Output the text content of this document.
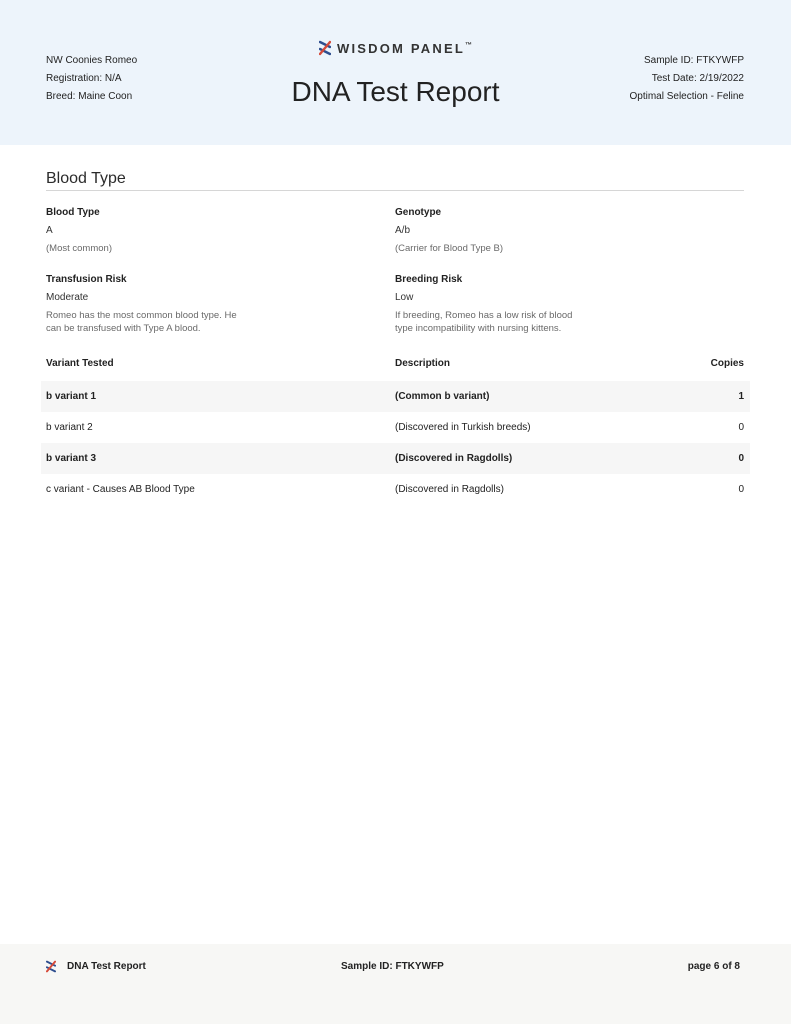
NW Coonies Romeo
Registration: N/A
Breed: Maine Coon
WISDOM PANEL™
DNA Test Report
Sample ID: FTKYWFP
Test Date: 2/19/2022
Optimal Selection - Feline
Blood Type
Blood Type
A
(Most common)
Genotype
A/b
(Carrier for Blood Type B)
Transfusion Risk
Moderate
Romeo has the most common blood type. He
can be transfused with Type A blood.
Breeding Risk
Low
If breeding, Romeo has a low risk of blood
type incompatibility with nursing kittens.
Variant Tested	Description	Copies
b variant 1	(Common b variant)	1
b variant 2	(Discovered in Turkish breeds)	0
b variant 3	(Discovered in Ragdolls)	0
c variant - Causes AB Blood Type	(Discovered in Ragdolls)	0
DNA Test Report	Sample ID: FTKYWFP	page 6 of 8
